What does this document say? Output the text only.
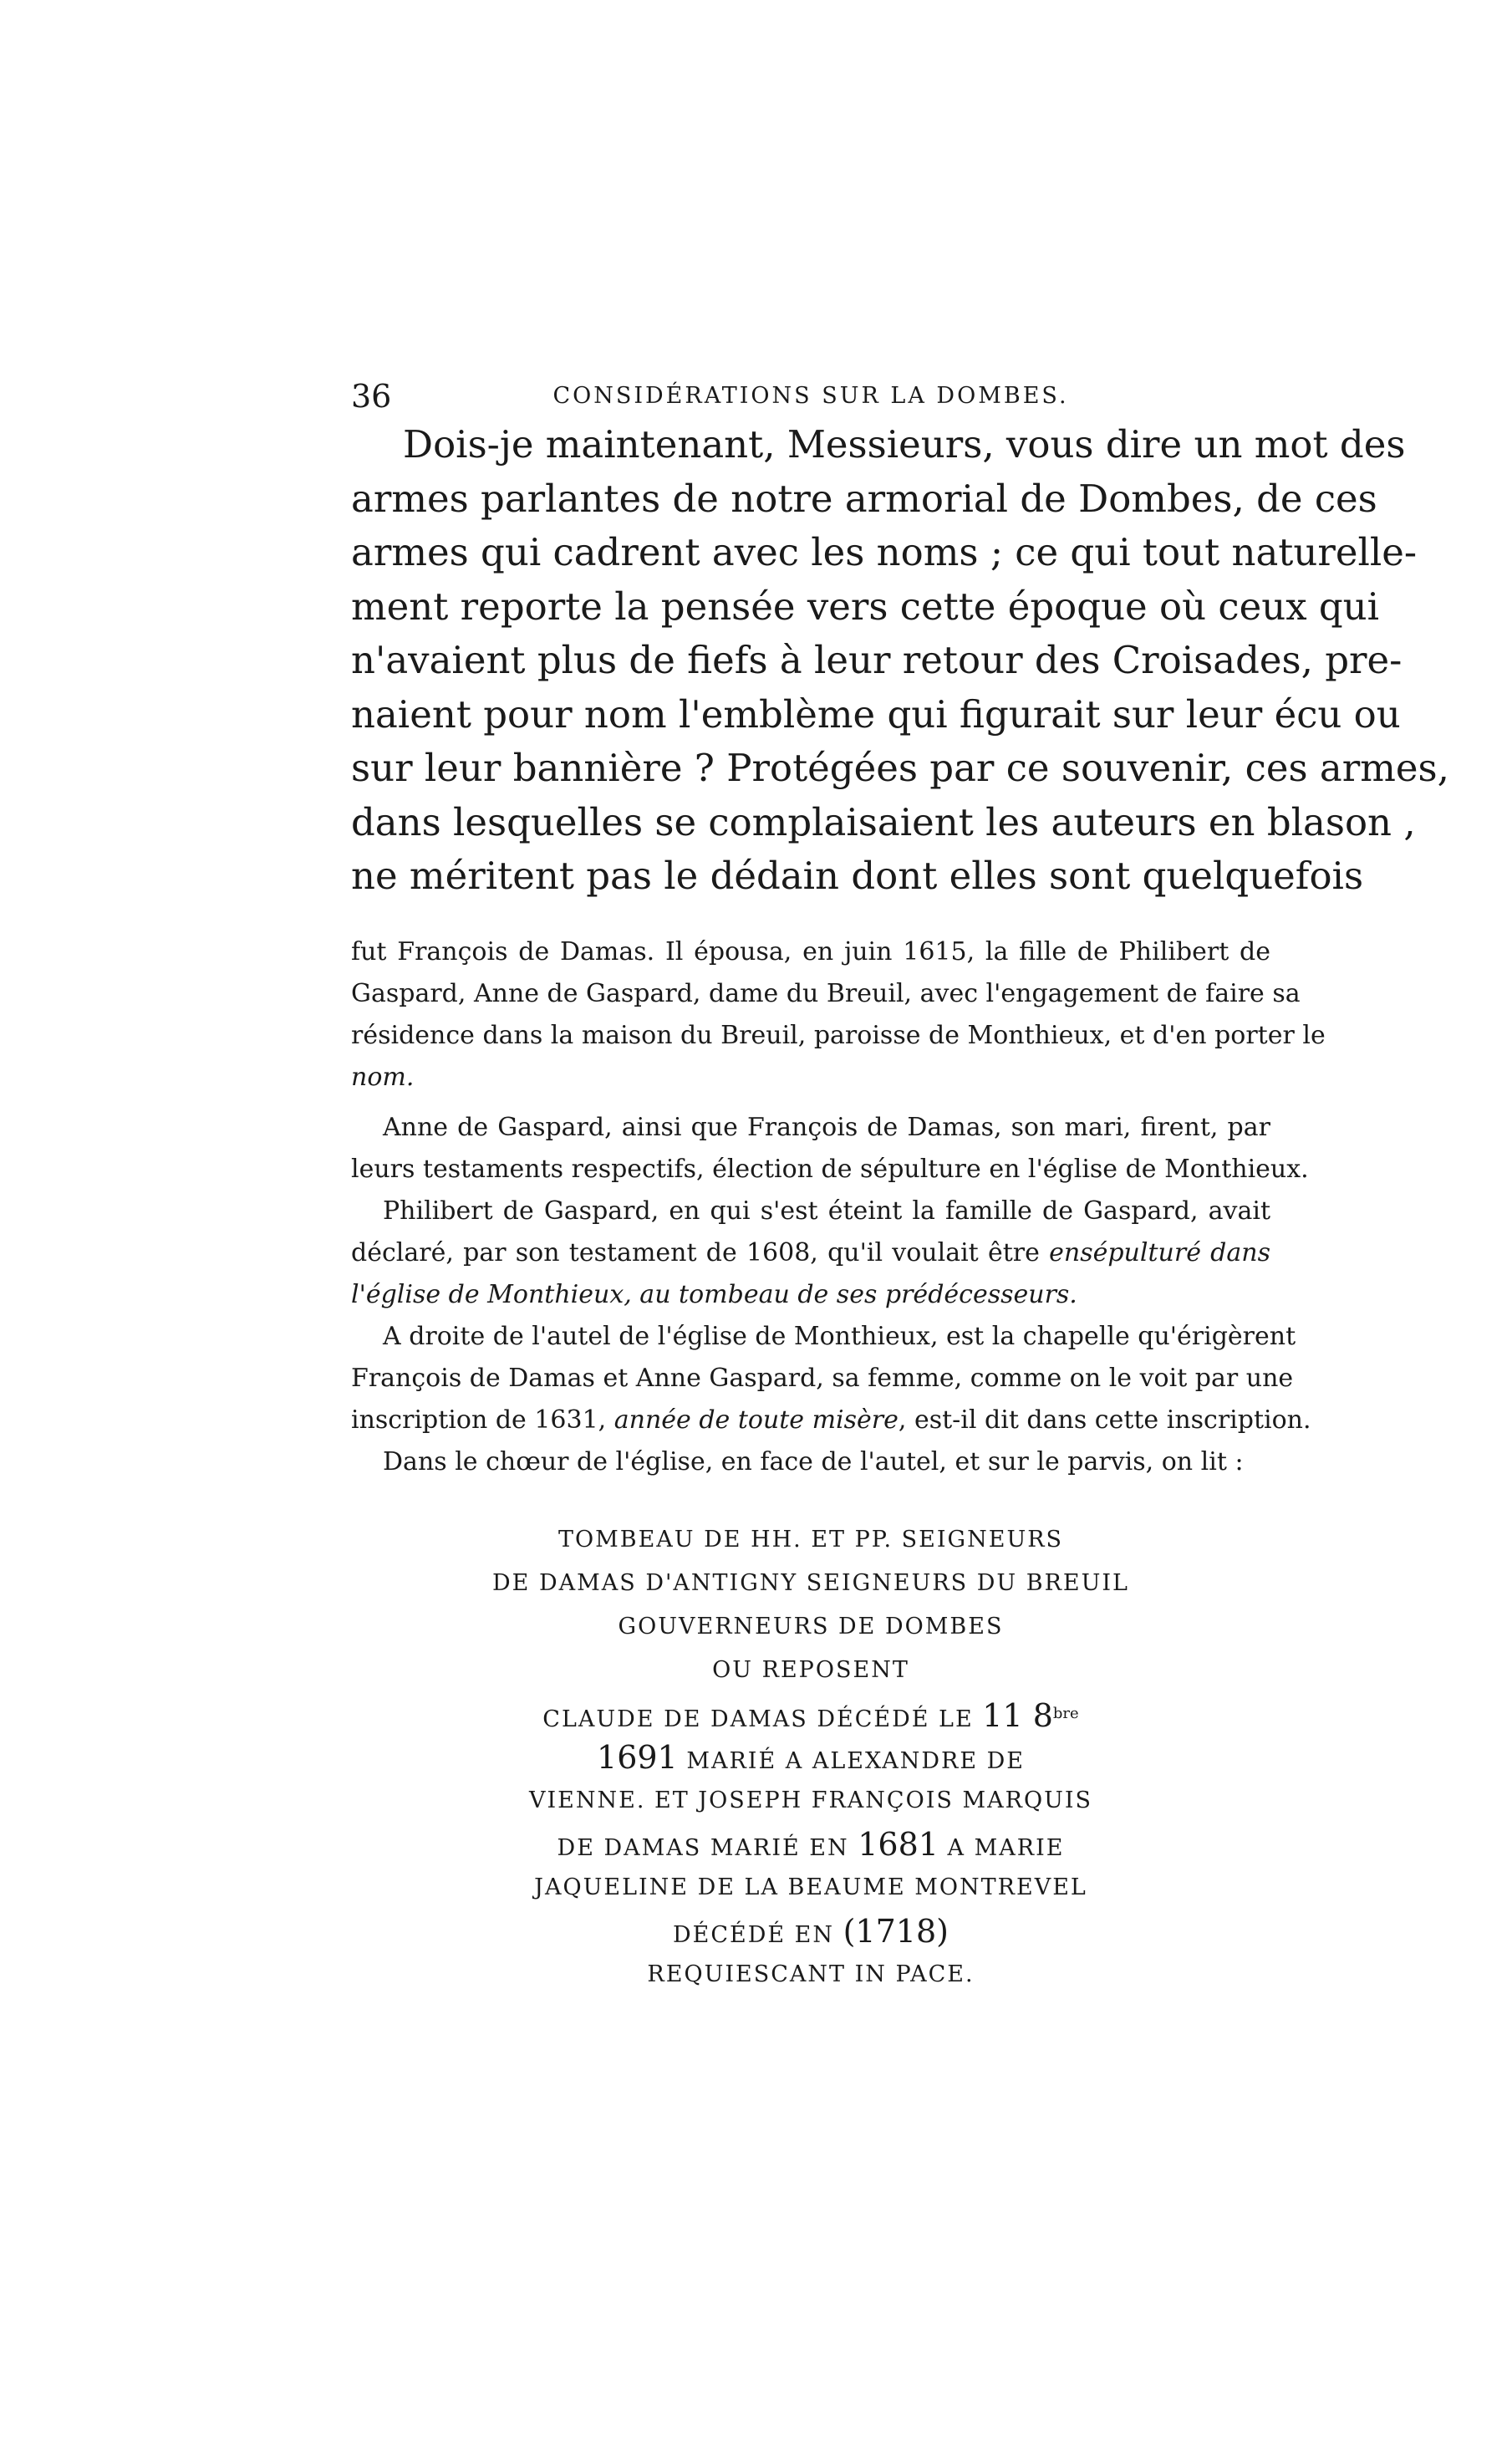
36	CONSIDÉRATIONS SUR LA DOMBES.
Dois-je maintenant, Messieurs, vous dire un mot des
armes parlantes de notre armorial de Dombes, de ces
armes qui cadrent avec les noms ; ce qui tout naturelle-
ment reporte la pensée vers cette époque où ceux qui
n'avaient plus de fiefs à leur retour des Croisades, pre-
naient pour nom l'emblème qui figurait sur leur écu ou
sur leur bannière ? Protégées par ce souvenir, ces armes,
dans lesquelles se complaisaient les auteurs en blason ,
ne méritent pas le dédain dont elles sont quelquefois
fut François de Damas. Il épousa, en juin 1615, la fille de Philibert de
Gaspard, Anne de Gaspard, dame du Breuil, avec l'engagement de faire sa
résidence dans la maison du Breuil, paroisse de Monthieux, et d'en porter le
nom.
Anne de Gaspard, ainsi que François de Damas, son mari, firent, par
leurs testaments respectifs, élection de sépulture en l'église de Monthieux.
Philibert de Gaspard, en qui s'est éteint la famille de Gaspard, avait
déclaré, par son testament de 1608, qu'il voulait être ensépulturé dans
l'église de Monthieux, au tombeau de ses prédécesseurs.
A droite de l'autel de l'église de Monthieux, est la chapelle qu'érigèrent
François de Damas et Anne Gaspard, sa femme, comme on le voit par une
inscription de 1631, année de toute misère, est-il dit dans cette inscription.
Dans le chœur de l'église, en face de l'autel, et sur le parvis, on lit :
TOMBEAU DE HH. ET PP. SEIGNEURS
DE DAMAS D'ANTIGNY SEIGNEURS DU BREUIL
GOUVERNEURS DE DOMBES
OU REPOSENT
CLAUDE DE DAMAS DÉCÉDÉ LE 11 $8^{bre}$
1691 MARIÉ A ALEXANDRE DE
VIENNE. ET JOSEPH FRANÇOIS MARQUIS
DE DAMAS MARIÉ EN 1681 A MARIE
JAQUELINE DE LA BEAUME MONTREVEL
DÉCÉDÉ EN (1718)
REQUIESCANT IN PACE.
